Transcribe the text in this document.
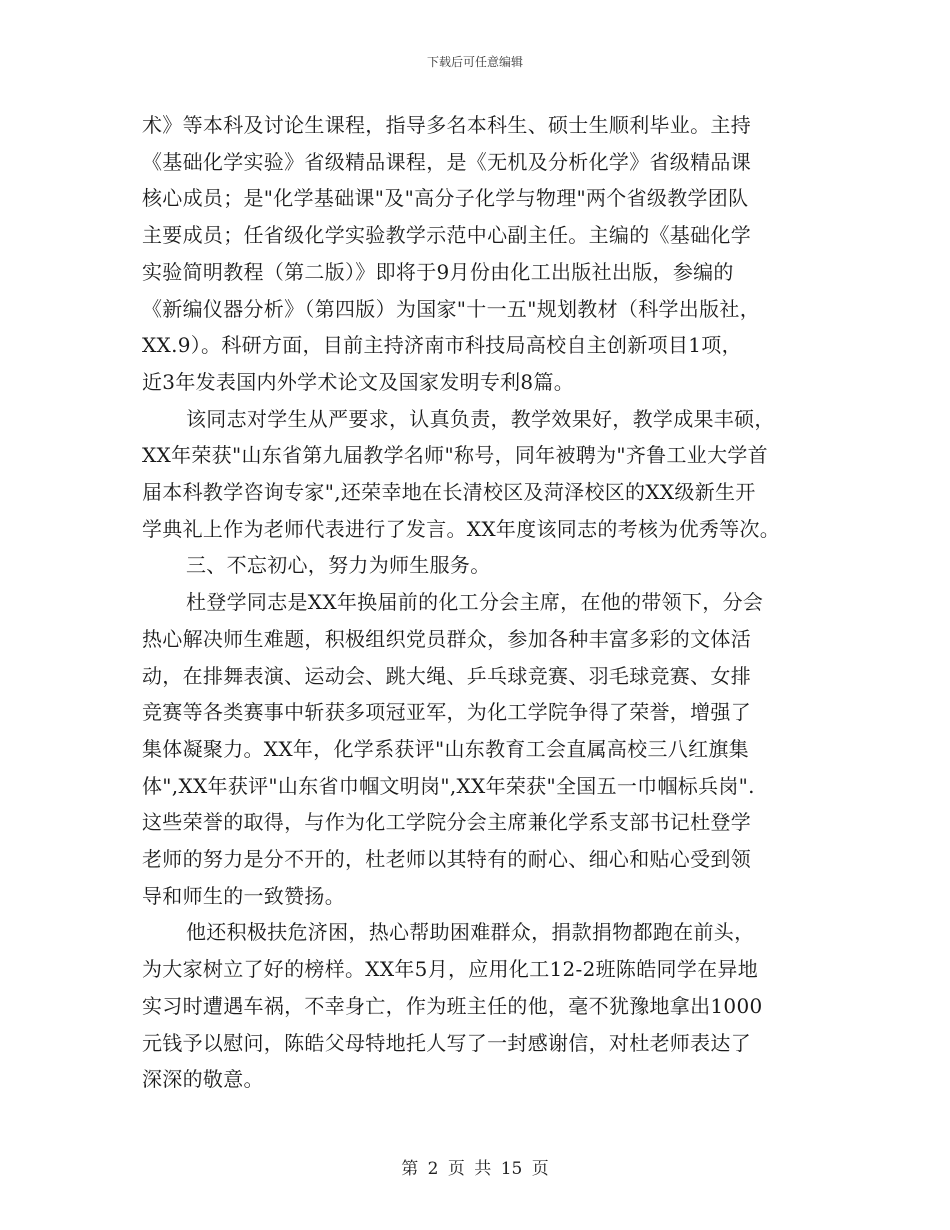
下载后可任意编辑
术》等本科及讨论生课程，指导多名本科生、硕士生顺利毕业。主持
《基础化学实验》省级精品课程，是《无机及分析化学》省级精品课
核心成员；是"化学基础课"及"高分子化学与物理"两个省级教学团队
主要成员；任省级化学实验教学示范中心副主任。主编的《基础化学
实验简明教程（第二版）》即将于9月份由化工出版社出版，参编的
《新编仪器分析》（第四版）为国家"十一五"规划教材（科学出版社，
XX.9）。科研方面，目前主持济南市科技局高校自主创新项目1项，
近3年发表国内外学术论文及国家发明专利8篇。
该同志对学生从严要求，认真负责，教学效果好，教学成果丰硕，
XX年荣获"山东省第九届教学名师"称号，同年被聘为"齐鲁工业大学首
届本科教学咨询专家",还荣幸地在长清校区及菏泽校区的XX级新生开
学典礼上作为老师代表进行了发言。XX年度该同志的考核为优秀等次。
三、不忘初心，努力为师生服务。
杜登学同志是XX年换届前的化工分会主席，在他的带领下，分会
热心解决师生难题，积极组织党员群众，参加各种丰富多彩的文体活
动，在排舞表演、运动会、跳大绳、乒乓球竞赛、羽毛球竞赛、女排
竞赛等各类赛事中斩获多项冠亚军，为化工学院争得了荣誉，增强了
集体凝聚力。XX年，化学系获评"山东教育工会直属高校三八红旗集
体",XX年获评"山东省巾帼文明岗",XX年荣获"全国五一巾帼标兵岗".
这些荣誉的取得，与作为化工学院分会主席兼化学系支部书记杜登学
老师的努力是分不开的，杜老师以其特有的耐心、细心和贴心受到领
导和师生的一致赞扬。
他还积极扶危济困，热心帮助困难群众，捐款捐物都跑在前头，
为大家树立了好的榜样。XX年5月，应用化工12-2班陈皓同学在异地
实习时遭遇车祸，不幸身亡，作为班主任的他，毫不犹豫地拿出1000
元钱予以慰问，陈皓父母特地托人写了一封感谢信，对杜老师表达了
深深的敬意。
第 2 页 共 15 页
